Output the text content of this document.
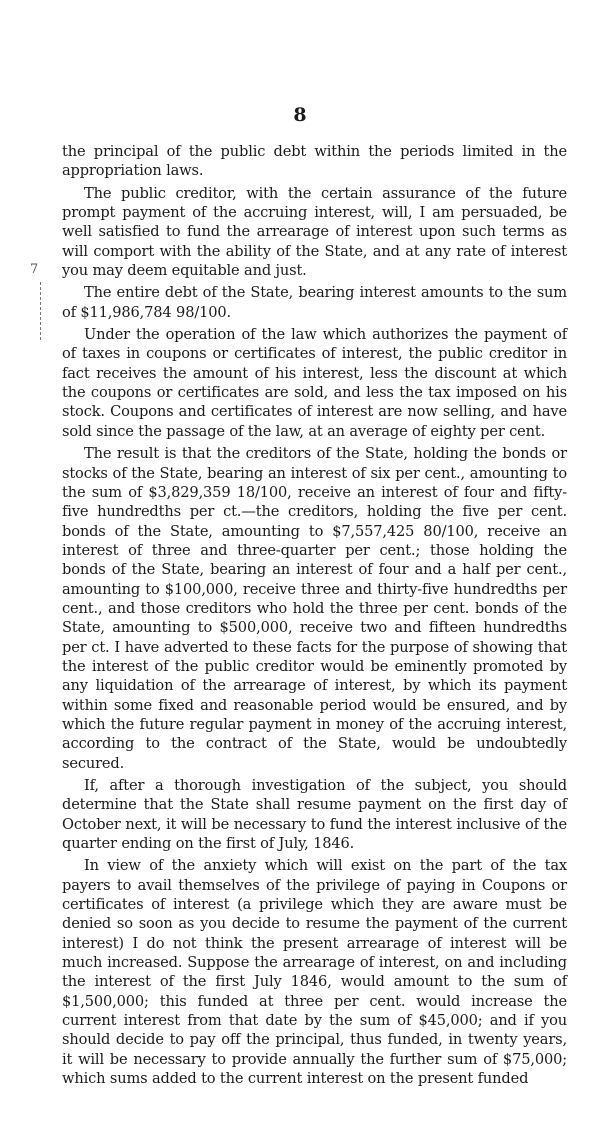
8
7

the principal of the public debt within the periods limited in the appropriation laws.

The public creditor, with the certain assurance of the future prompt payment of the accruing interest, will, I am persuaded, be well satisfied to fund the arrearage of interest upon such terms as will comport with the ability of the State, and at any rate of interest you may deem equitable and just.

The entire debt of the State, bearing interest amounts to the sum of $11,986,784 98/100.

Under the operation of the law which authorizes the payment of of taxes in coupons or certificates of interest, the public creditor in fact receives the amount of his interest, less the discount at which the coupons or certificates are sold, and less the tax imposed on his stock. Coupons and certificates of interest are now selling, and have sold since the passage of the law, at an average of eighty per cent.

The result is that the creditors of the State, holding the bonds or stocks of the State, bearing an interest of six per cent., amounting to the sum of $3,829,359 18/100, receive an interest of four and fifty-five hundredths per ct.—the creditors, holding the five per cent. bonds of the State, amounting to $7,557,425 80/100, receive an interest of three and three-quarter per cent.; those holding the bonds of the State, bearing an interest of four and a half per cent., amounting to $100,000, receive three and thirty-five hundredths per cent., and those creditors who hold the three per cent. bonds of the State, amounting to $500,000, receive two and fifteen hundredths per ct. I have adverted to these facts for the purpose of showing that the interest of the public creditor would be eminently promoted by any liquidation of the arrearage of interest, by which its payment within some fixed and reasonable period would be ensured, and by which the future regular payment in money of the accruing interest, according to the contract of the State, would be undoubtedly secured.

If, after a thorough investigation of the subject, you should determine that the State shall resume payment on the first day of October next, it will be necessary to fund the interest inclusive of the quarter ending on the first of July, 1846.

In view of the anxiety which will exist on the part of the tax payers to avail themselves of the privilege of paying in Coupons or certificates of interest (a privilege which they are aware must be denied so soon as you decide to resume the payment of the current interest) I do not think the present arrearage of interest will be much increased. Suppose the arrearage of interest, on and including the interest of the first July 1846, would amount to the sum of $1,500,000; this funded at three per cent. would increase the current interest from that date by the sum of $45,000; and if you should decide to pay off the principal, thus funded, in twenty years, it will be necessary to provide annually the further sum of $75,000; which sums added to the current interest on the present funded
